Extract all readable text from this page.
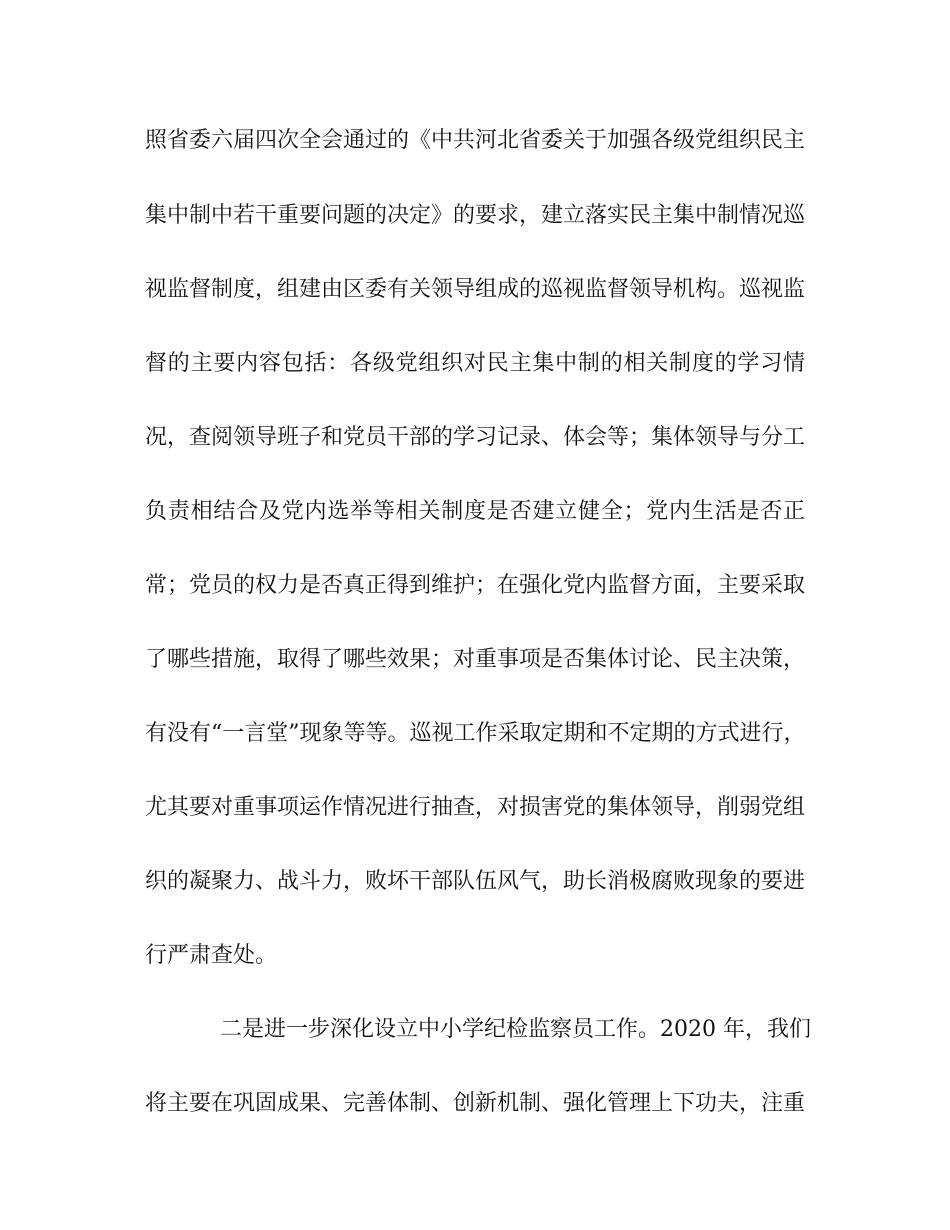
照省委六届四次全会通过的《中共河北省委关于加强各级党组织民主
集中制中若干重要问题的决定》的要求，建立落实民主集中制情况巡
视监督制度，组建由区委有关领导组成的巡视监督领导机构。巡视监
督的主要内容包括：各级党组织对民主集中制的相关制度的学习情
况，查阅领导班子和党员干部的学习记录、体会等；集体领导与分工
负责相结合及党内选举等相关制度是否建立健全；党内生活是否正
常；党员的权力是否真正得到维护；在强化党内监督方面，主要采取
了哪些措施，取得了哪些效果；对重事项是否集体讨论、民主决策，
有没有“一言堂”现象等等。巡视工作采取定期和不定期的方式进行，
尤其要对重事项运作情况进行抽查，对损害党的集体领导，削弱党组
织的凝聚力、战斗力，败坏干部队伍风气，助长消极腐败现象的要进
行严肃查处。
二是进一步深化设立中小学纪检监察员工作。2020 年，我们
将主要在巩固成果、完善体制、创新机制、强化管理上下功夫，注重
